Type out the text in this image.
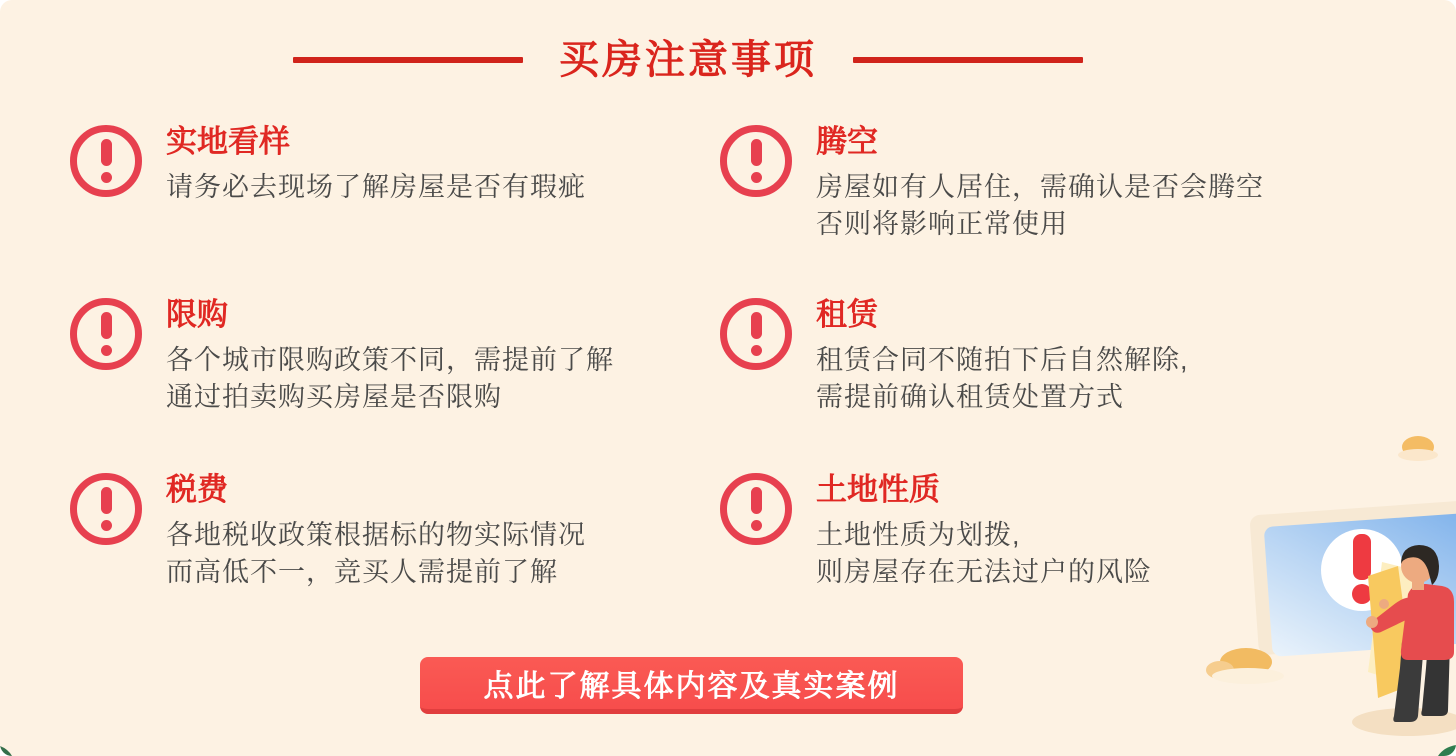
买房注意事项
实地看样
请务必去现场了解房屋是否有瑕疵
腾空
房屋如有人居住，需确认是否会腾空
否则将影响正常使用
限购
各个城市限购政策不同，需提前了解
通过拍卖购买房屋是否限购
租赁
租赁合同不随拍下后自然解除,
需提前确认租赁处置方式
税费
各地税收政策根据标的物实际情况
而高低不一，竞买人需提前了解
土地性质
土地性质为划拨,
则房屋存在无法过户的风险
点此了解具体内容及真实案例
